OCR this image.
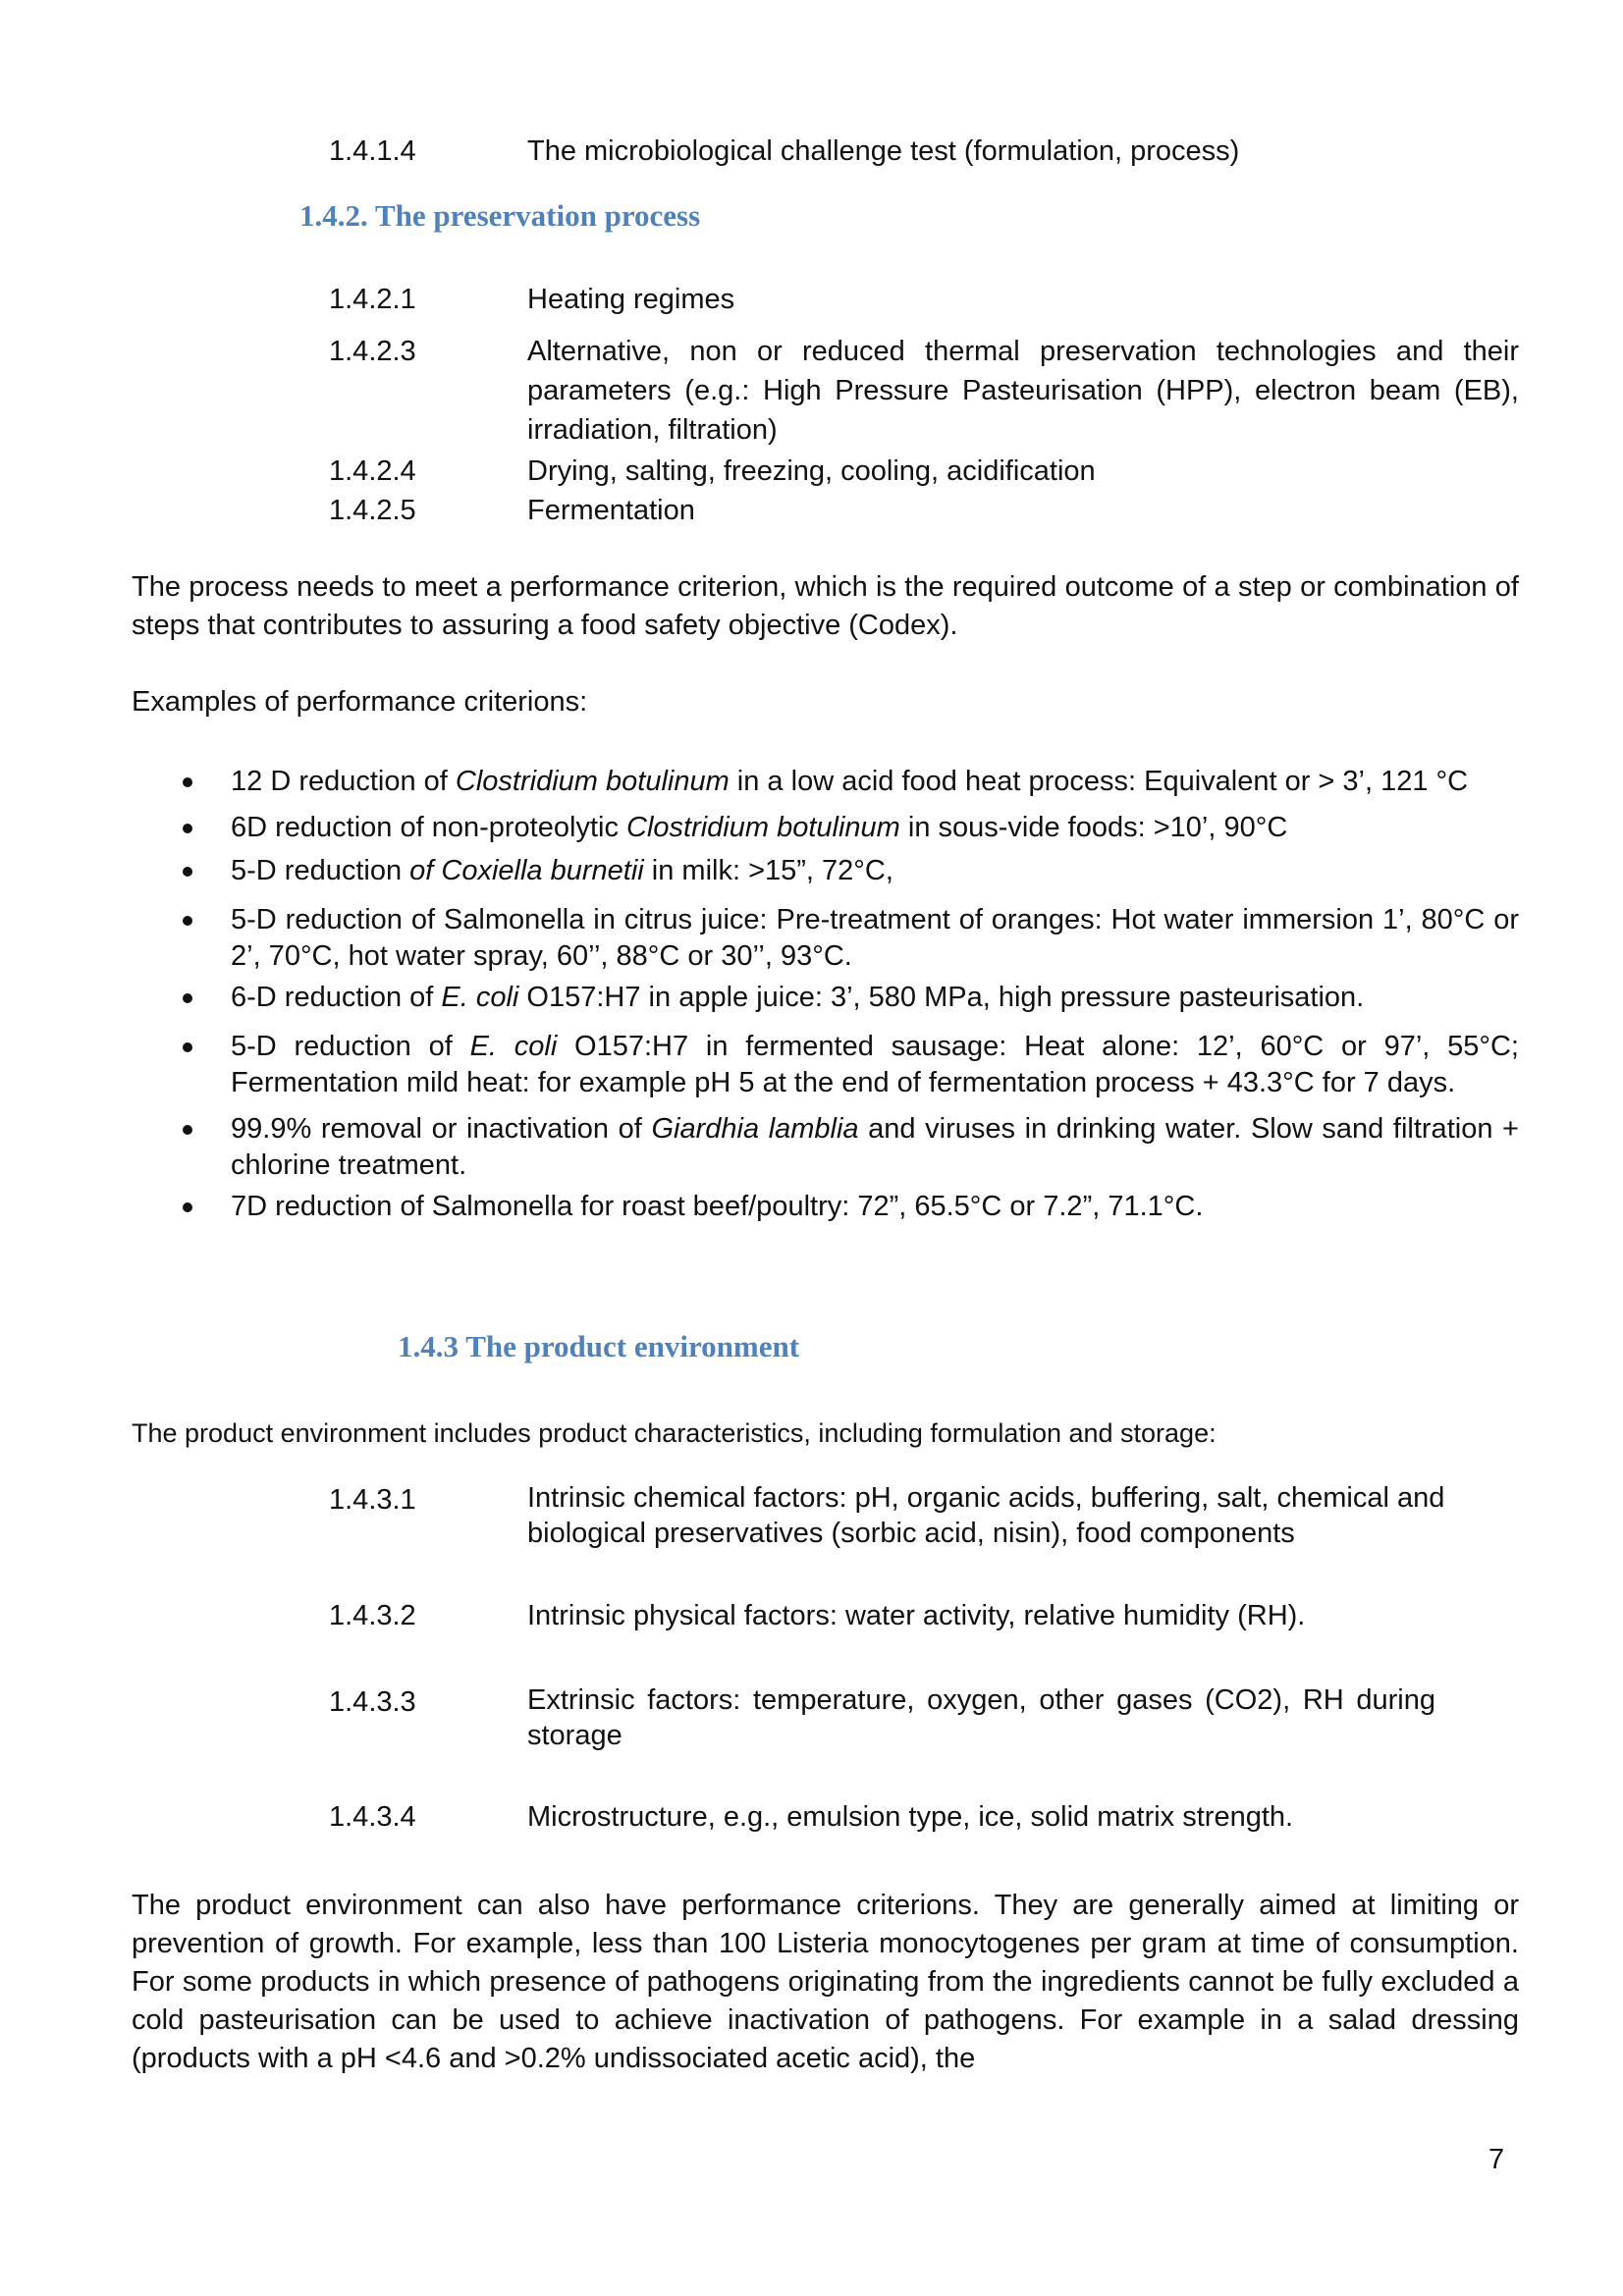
1.4.1.4	The microbiological challenge test (formulation, process)
1.4.2. The preservation process
1.4.2.1	Heating regimes
1.4.2.3	Alternative, non or reduced thermal preservation technologies and their parameters (e.g.: High Pressure Pasteurisation (HPP), electron beam (EB), irradiation, filtration)
1.4.2.4	Drying, salting, freezing, cooling, acidification
1.4.2.5	Fermentation
The process needs to meet a performance criterion, which is the required outcome of a step or combination of steps that contributes to assuring a food safety objective (Codex).
Examples of performance criterions:
12 D reduction of Clostridium botulinum in a low acid food heat process: Equivalent or > 3’, 121 °C
6D reduction of non-proteolytic Clostridium botulinum in sous-vide foods: >10’, 90°C
5-D reduction of Coxiella burnetii in milk: >15”, 72°C,
5-D reduction of Salmonella in citrus juice: Pre-treatment of oranges: Hot water immersion 1’, 80°C or 2’, 70°C, hot water spray, 60’’, 88°C or 30’’, 93°C.
6-D reduction of E. coli O157:H7 in apple juice: 3’, 580 MPa, high pressure pasteurisation.
5-D reduction of E. coli O157:H7 in fermented sausage: Heat alone: 12’, 60°C or 97’, 55°C; Fermentation mild heat: for example pH 5 at the end of fermentation process + 43.3°C for 7 days.
99.9% removal or inactivation of Giardhia lamblia and viruses in drinking water. Slow sand filtration + chlorine treatment.
7D reduction of Salmonella for roast beef/poultry: 72”, 65.5°C or 7.2”, 71.1°C.
1.4.3 The product environment
The product environment includes product characteristics, including formulation and storage:
1.4.3.1	Intrinsic chemical factors: pH, organic acids, buffering, salt, chemical and biological preservatives (sorbic acid, nisin), food components
1.4.3.2	Intrinsic physical factors: water activity, relative humidity (RH).
1.4.3.3	Extrinsic factors: temperature, oxygen, other gases (CO2), RH during storage
1.4.3.4	Microstructure, e.g., emulsion type, ice, solid matrix strength.
The product environment can also have performance criterions. They are generally aimed at limiting or prevention of growth. For example, less than 100 Listeria monocytogenes per gram at time of consumption. For some products in which presence of pathogens originating from the ingredients cannot be fully excluded a cold pasteurisation can be used to achieve inactivation of pathogens. For example in a salad dressing (products with a pH <4.6 and >0.2% undissociated acetic acid), the
7
